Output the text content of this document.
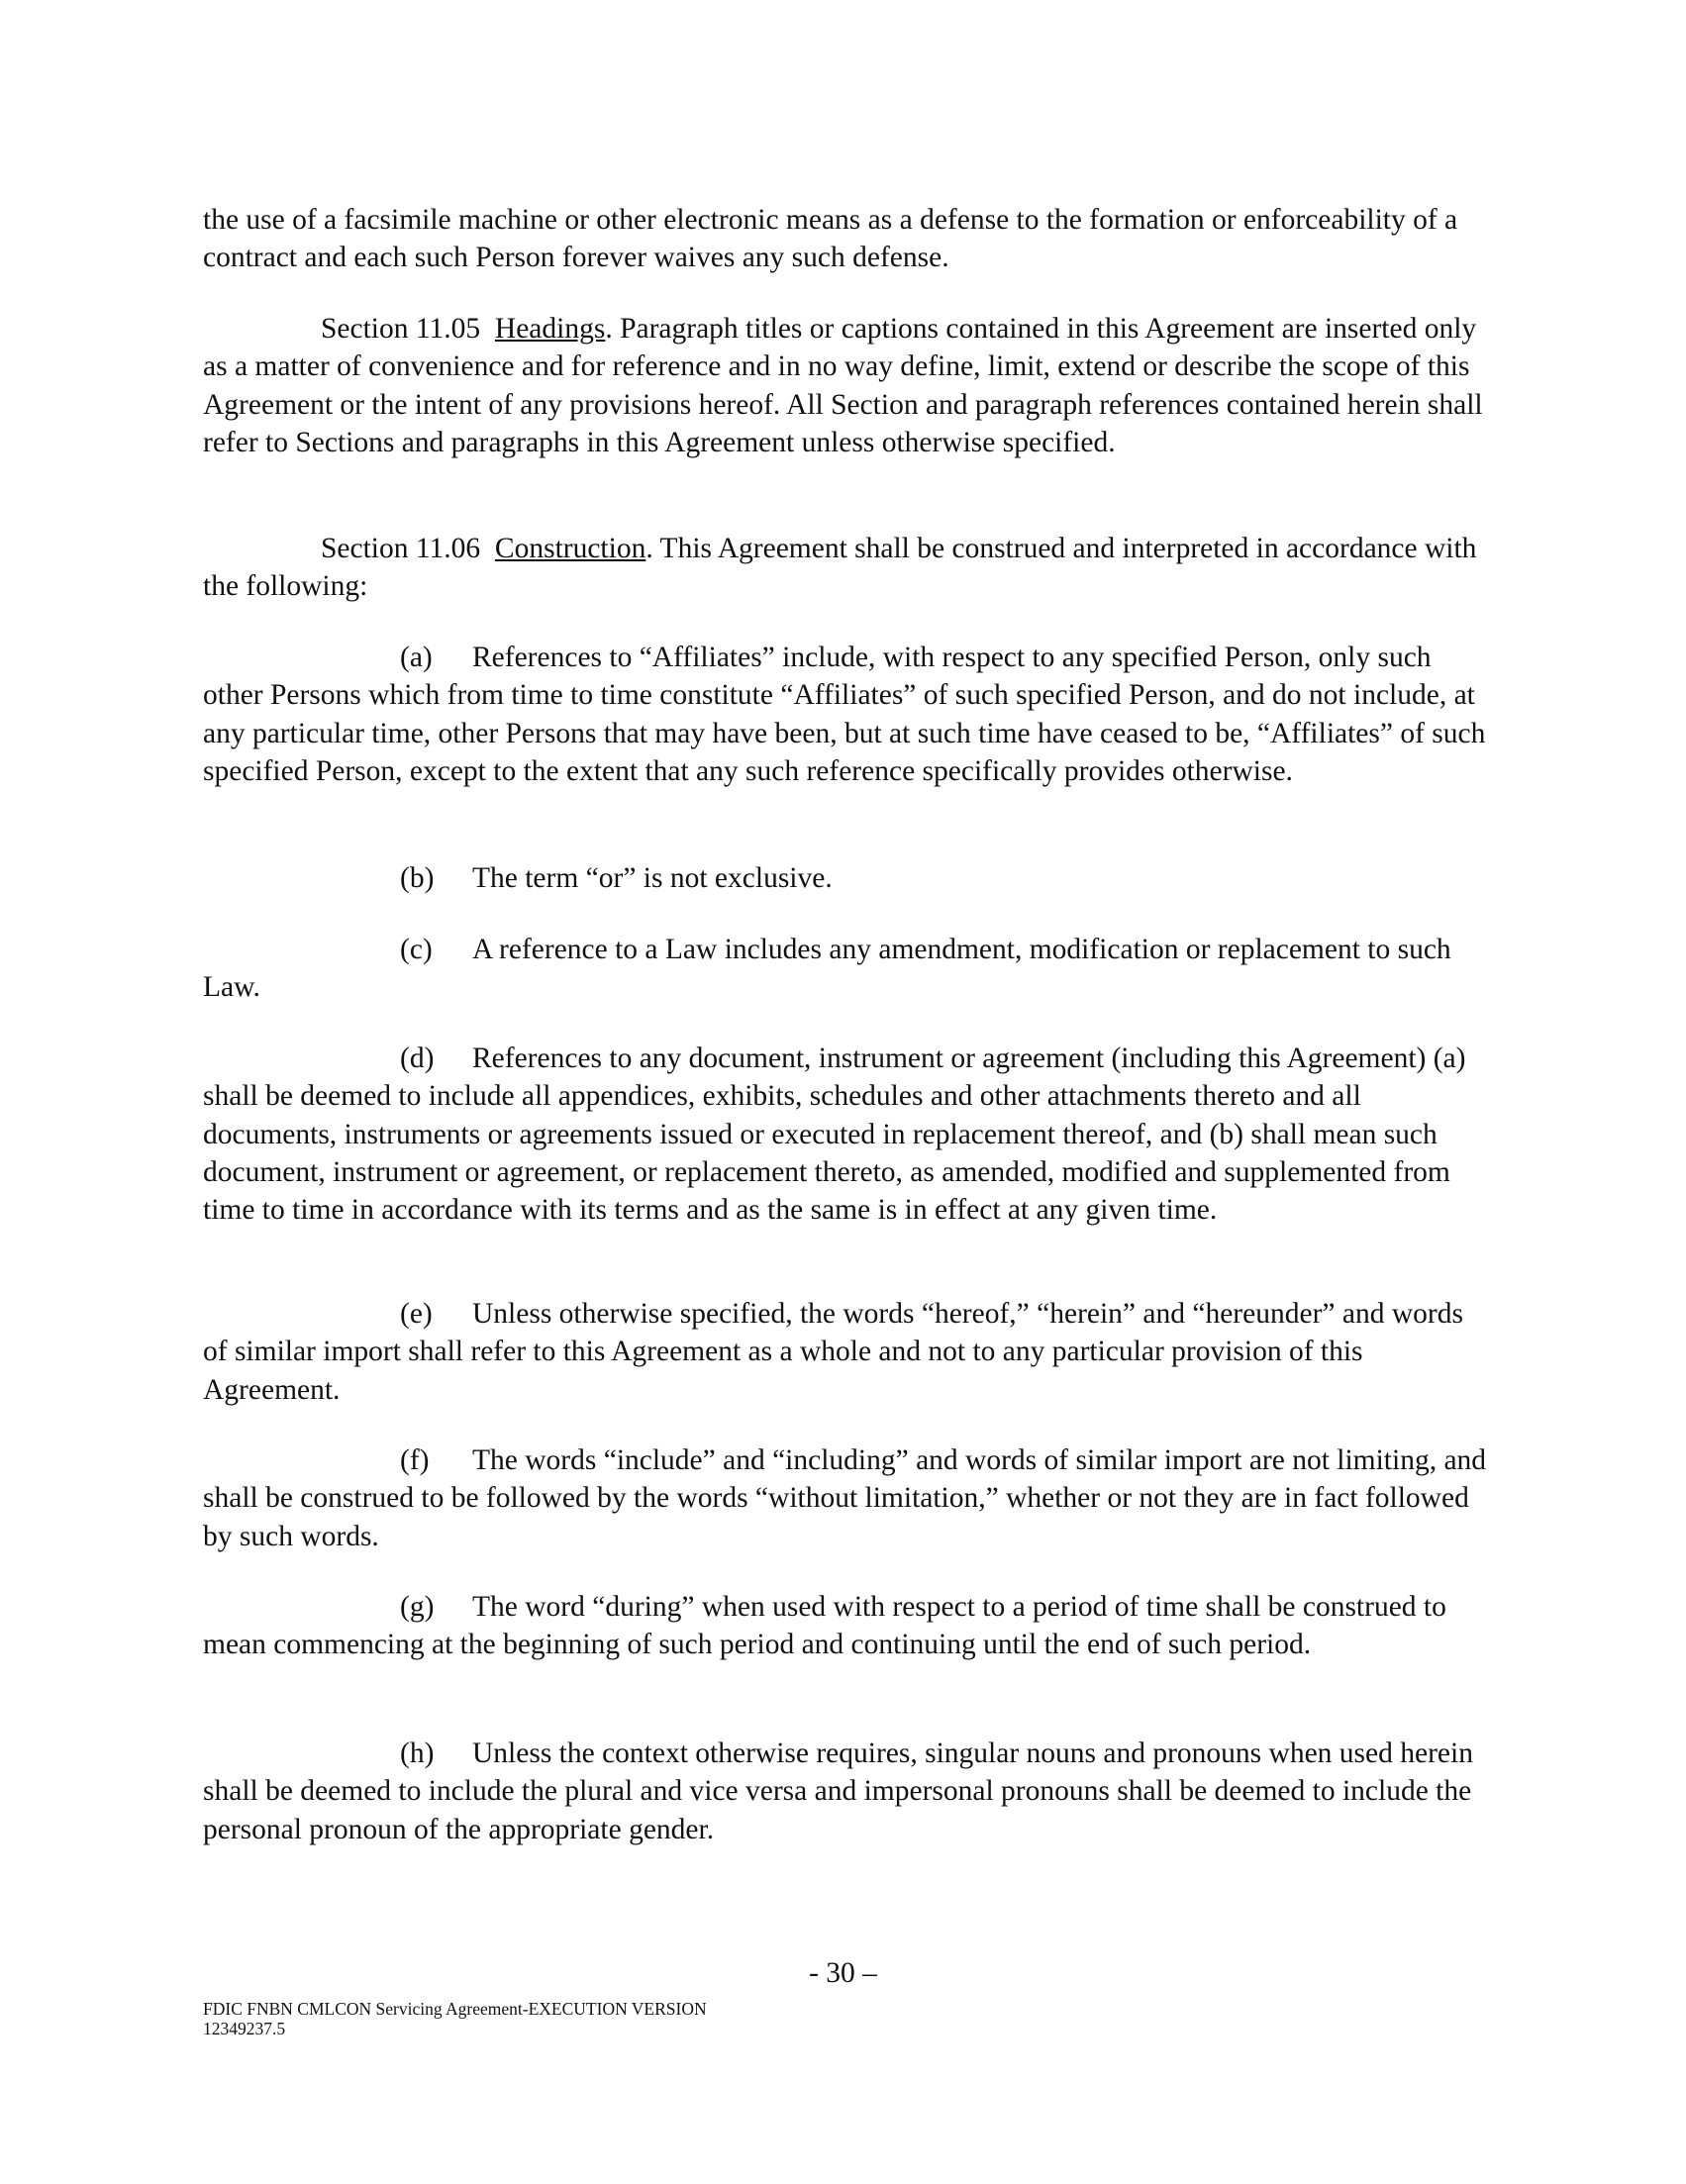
the use of a facsimile machine or other electronic means as a defense to the formation or enforceability of a contract and each such Person forever waives any such defense.

Section 11.05 Headings. Paragraph titles or captions contained in this Agreement are inserted only as a matter of convenience and for reference and in no way define, limit, extend or describe the scope of this Agreement or the intent of any provisions hereof. All Section and paragraph references contained herein shall refer to Sections and paragraphs in this Agreement unless otherwise specified.

Section 11.06 Construction. This Agreement shall be construed and interpreted in accordance with the following:

(a) References to “Affiliates” include, with respect to any specified Person, only such other Persons which from time to time constitute “Affiliates” of such specified Person, and do not include, at any particular time, other Persons that may have been, but at such time have ceased to be, “Affiliates” of such specified Person, except to the extent that any such reference specifically provides otherwise.

(b) The term “or” is not exclusive.

(c) A reference to a Law includes any amendment, modification or replacement to such Law.

(d) References to any document, instrument or agreement (including this Agreement) (a) shall be deemed to include all appendices, exhibits, schedules and other attachments thereto and all documents, instruments or agreements issued or executed in replacement thereof, and (b) shall mean such document, instrument or agreement, or replacement thereto, as amended, modified and supplemented from time to time in accordance with its terms and as the same is in effect at any given time.

(e) Unless otherwise specified, the words “hereof,” “herein” and “hereunder” and words of similar import shall refer to this Agreement as a whole and not to any particular provision of this Agreement.

(f) The words “include” and “including” and words of similar import are not limiting, and shall be construed to be followed by the words “without limitation,” whether or not they are in fact followed by such words.

(g) The word “during” when used with respect to a period of time shall be construed to mean commencing at the beginning of such period and continuing until the end of such period.

(h) Unless the context otherwise requires, singular nouns and pronouns when used herein shall be deemed to include the plural and vice versa and impersonal pronouns shall be deemed to include the personal pronoun of the appropriate gender.

- 30 –
FDIC FNBN CMLCON Servicing Agreement-EXECUTION VERSION
12349237.5
